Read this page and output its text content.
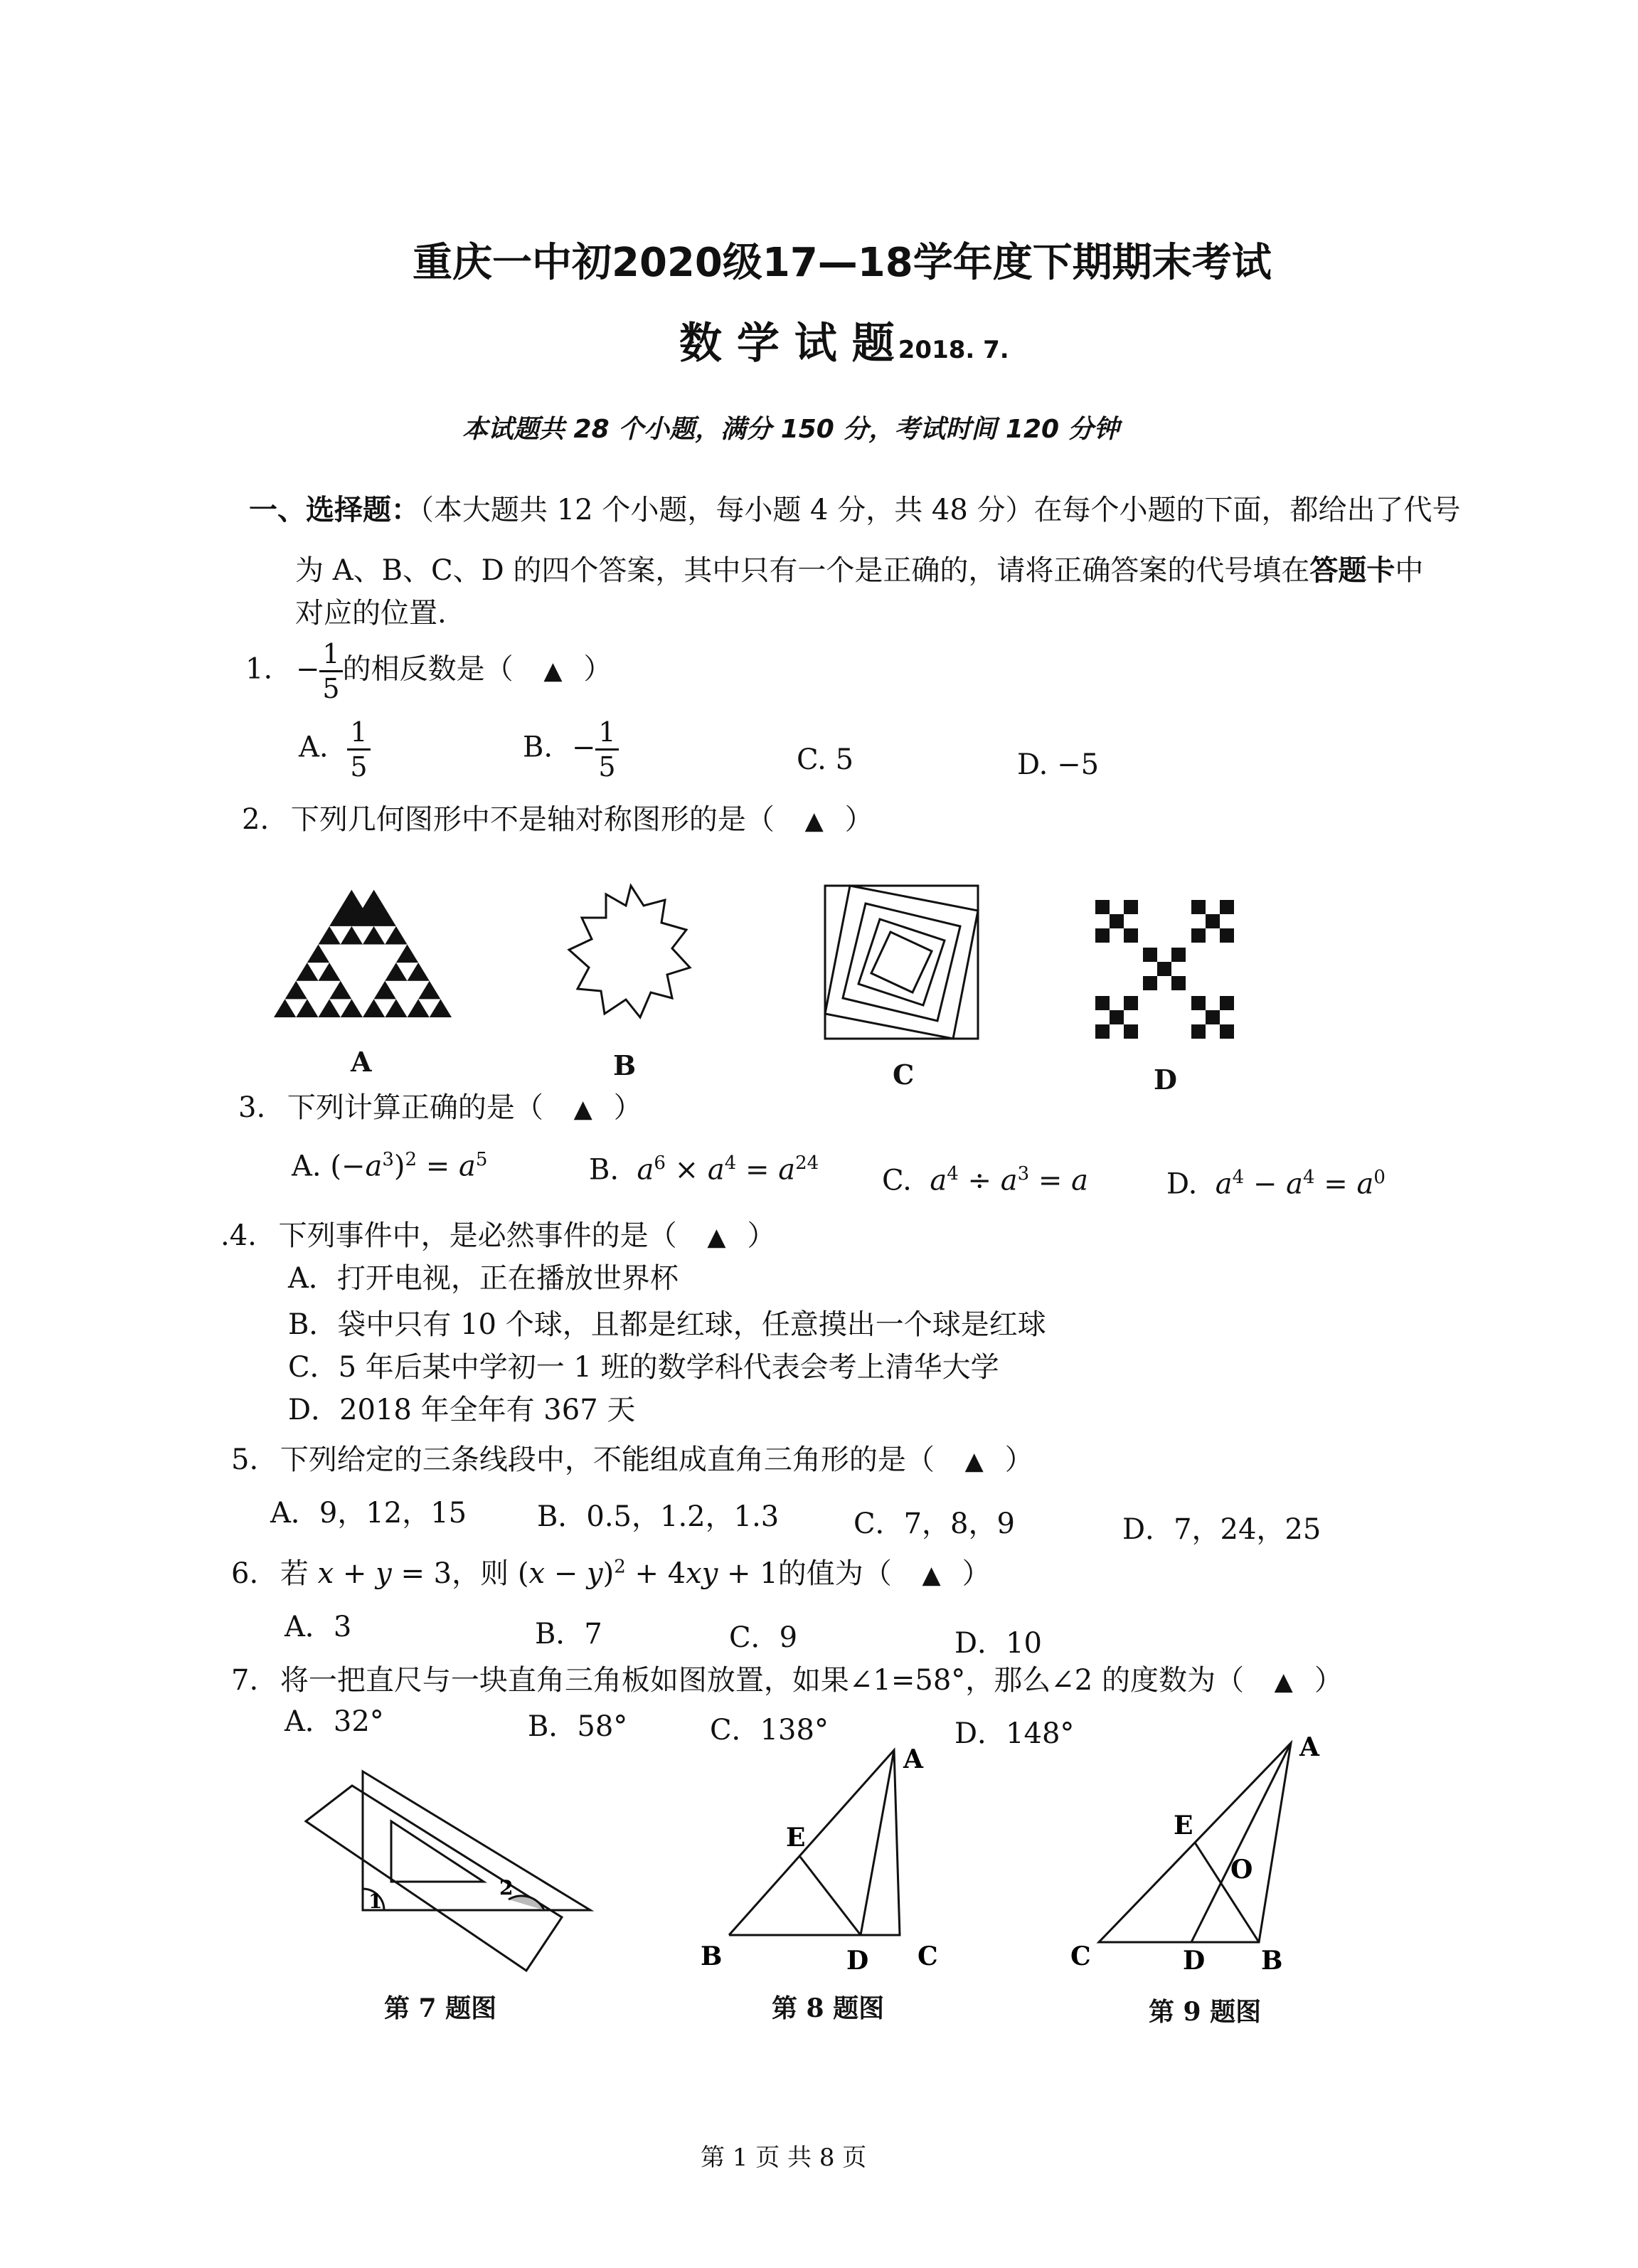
重庆一中初2020级17—18学年度下期期末考试
数 学 试 题 2018. 7.
本试题共 28 个小题，满分 150 分，考试时间 120 分钟
一、选择题：（本大题共 12 个小题，每小题 4 分，共 48 分）在每个小题的下面，都给出了代号
为 A、B、C、D 的四个答案，其中只有一个是正确的，请将正确答案的代号填在答题卡中
对应的位置.
1. − $\frac{1}{5}$ 的相反数是（ ▲ ）
A. $\frac{1}{5}$	B. − $\frac{1}{5}$	C. 5	D. −5
2. 下列几何图形中不是轴对称图形的是（ ▲ ）
A	B	C	D
3. 下列计算正确的是（ ▲ ）
A. $(-a^3)^2 = a^5$	B. $a^6 \times a^4 = a^{24}$
C. $a^4 \div a^3 = a$	D. $a^4 - a^4 = a^0$
.4. 下列事件中，是必然事件的是（ ▲ ）
A．打开电视，正在播放世界杯
B．袋中只有 10 个球，且都是红球，任意摸出一个球是红球
C．5 年后某中学初一 1 班的数学科代表会考上清华大学
D．2018 年全年有 367 天
5. 下列给定的三条线段中，不能组成直角三角形的是（ ▲ ）
A．9，12，15 B．0.5，1.2，1.3	C．7，8，9	D．7，24，25
6. 若 x + y = 3，则 $(x - y)^2 + 4xy + 1$的值为（ ▲ ）
A．3	B．7	C．9	D．10
7. 将一把直尺与一块直角三角板如图放置，如果∠1=58°，那么∠2 的度数为（ ▲ ）
A．32°	B．58°	C．138°	D．148°
1
2
第 7 题图
A
E
B	D C
第 8 题图
A
E
O
C	D B
第 9 题图
第 1 页 共 8 页
